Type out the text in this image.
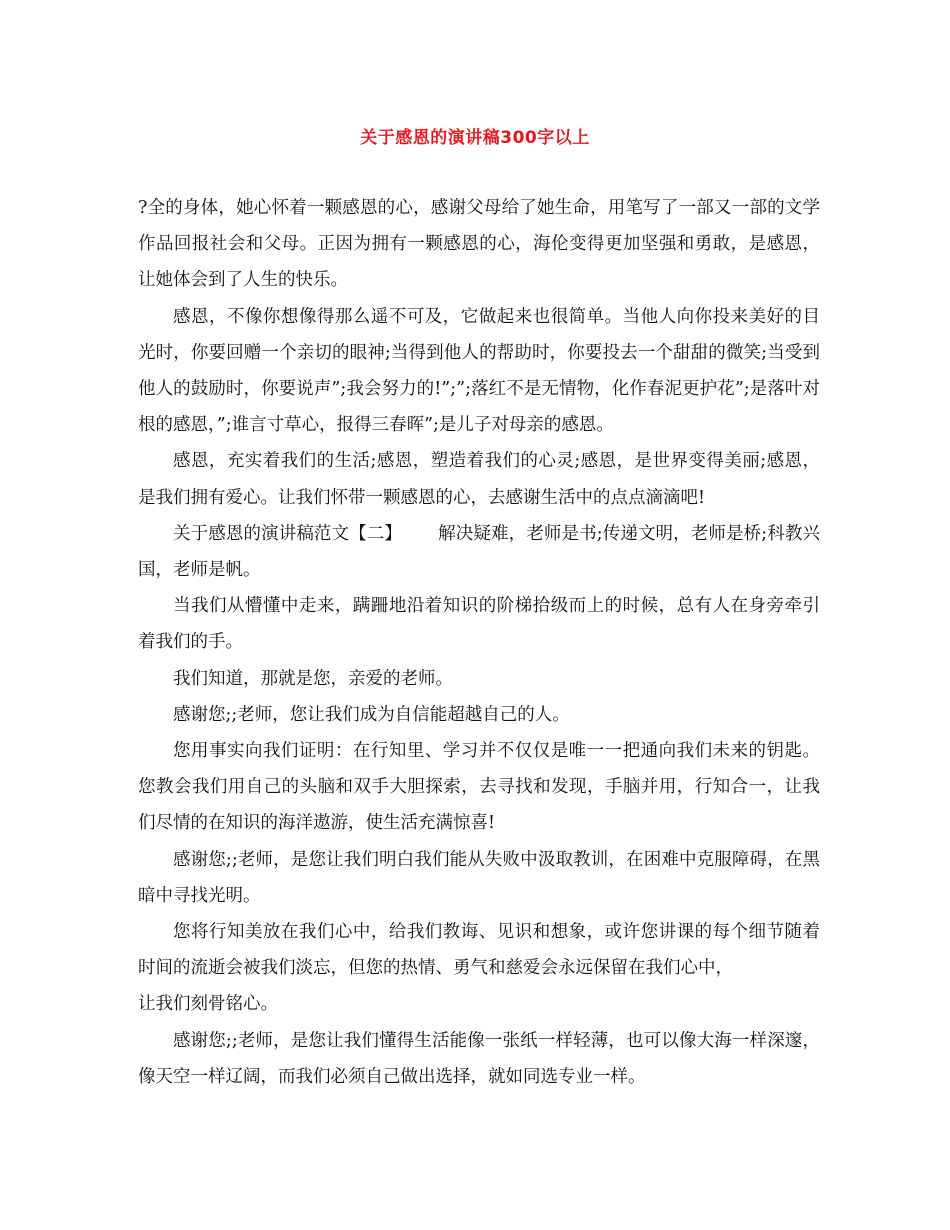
关于感恩的演讲稿300字以上

?全的身体，她心怀着一颗感恩的心，感谢父母给了她生命，用笔写了一部又一部的文学作品回报社会和父母。正因为拥有一颗感恩的心，海伦变得更加坚强和勇敢，是感恩，让她体会到了人生的快乐。

感恩，不像你想像得那么遥不可及，它做起来也很简单。当他人向你投来美好的目光时，你要回赠一个亲切的眼神;当得到他人的帮助时，你要投去一个甜甜的微笑;当受到他人的鼓励时，你要说声”;我会努力的!”;”;落红不是无情物，化作春泥更护花”;是落叶对根的感恩，”;谁言寸草心，报得三春晖”;是儿子对母亲的感恩。

感恩，充实着我们的生活;感恩，塑造着我们的心灵;感恩，是世界变得美丽;感恩，是我们拥有爱心。让我们怀带一颗感恩的心，去感谢生活中的点点滴滴吧!

关于感恩的演讲稿范文【二】 解决疑难，老师是书;传递文明，老师是桥;科教兴国，老师是帆。

当我们从懵懂中走来，蹒跚地沿着知识的阶梯拾级而上的时候，总有人在身旁牵引着我们的手。

我们知道，那就是您，亲爱的老师。

感谢您;;老师，您让我们成为自信能超越自己的人。

您用事实向我们证明：在行知里、学习并不仅仅是唯一一把通向我们未来的钥匙。您教会我们用自己的头脑和双手大胆探索，去寻找和发现，手脑并用，行知合一，让我们尽情的在知识的海洋遨游，使生活充满惊喜!

感谢您;;老师，是您让我们明白我们能从失败中汲取教训，在困难中克服障碍，在黑暗中寻找光明。

您将行知美放在我们心中，给我们教诲、见识和想象，或许您讲课的每个细节随着时间的流逝会被我们淡忘，但您的热情、勇气和慈爱会永远保留在我们心中，

让我们刻骨铭心。

感谢您;;老师，是您让我们懂得生活能像一张纸一样轻薄，也可以像大海一样深邃，像天空一样辽阔，而我们必须自己做出选择，就如同选专业一样。
